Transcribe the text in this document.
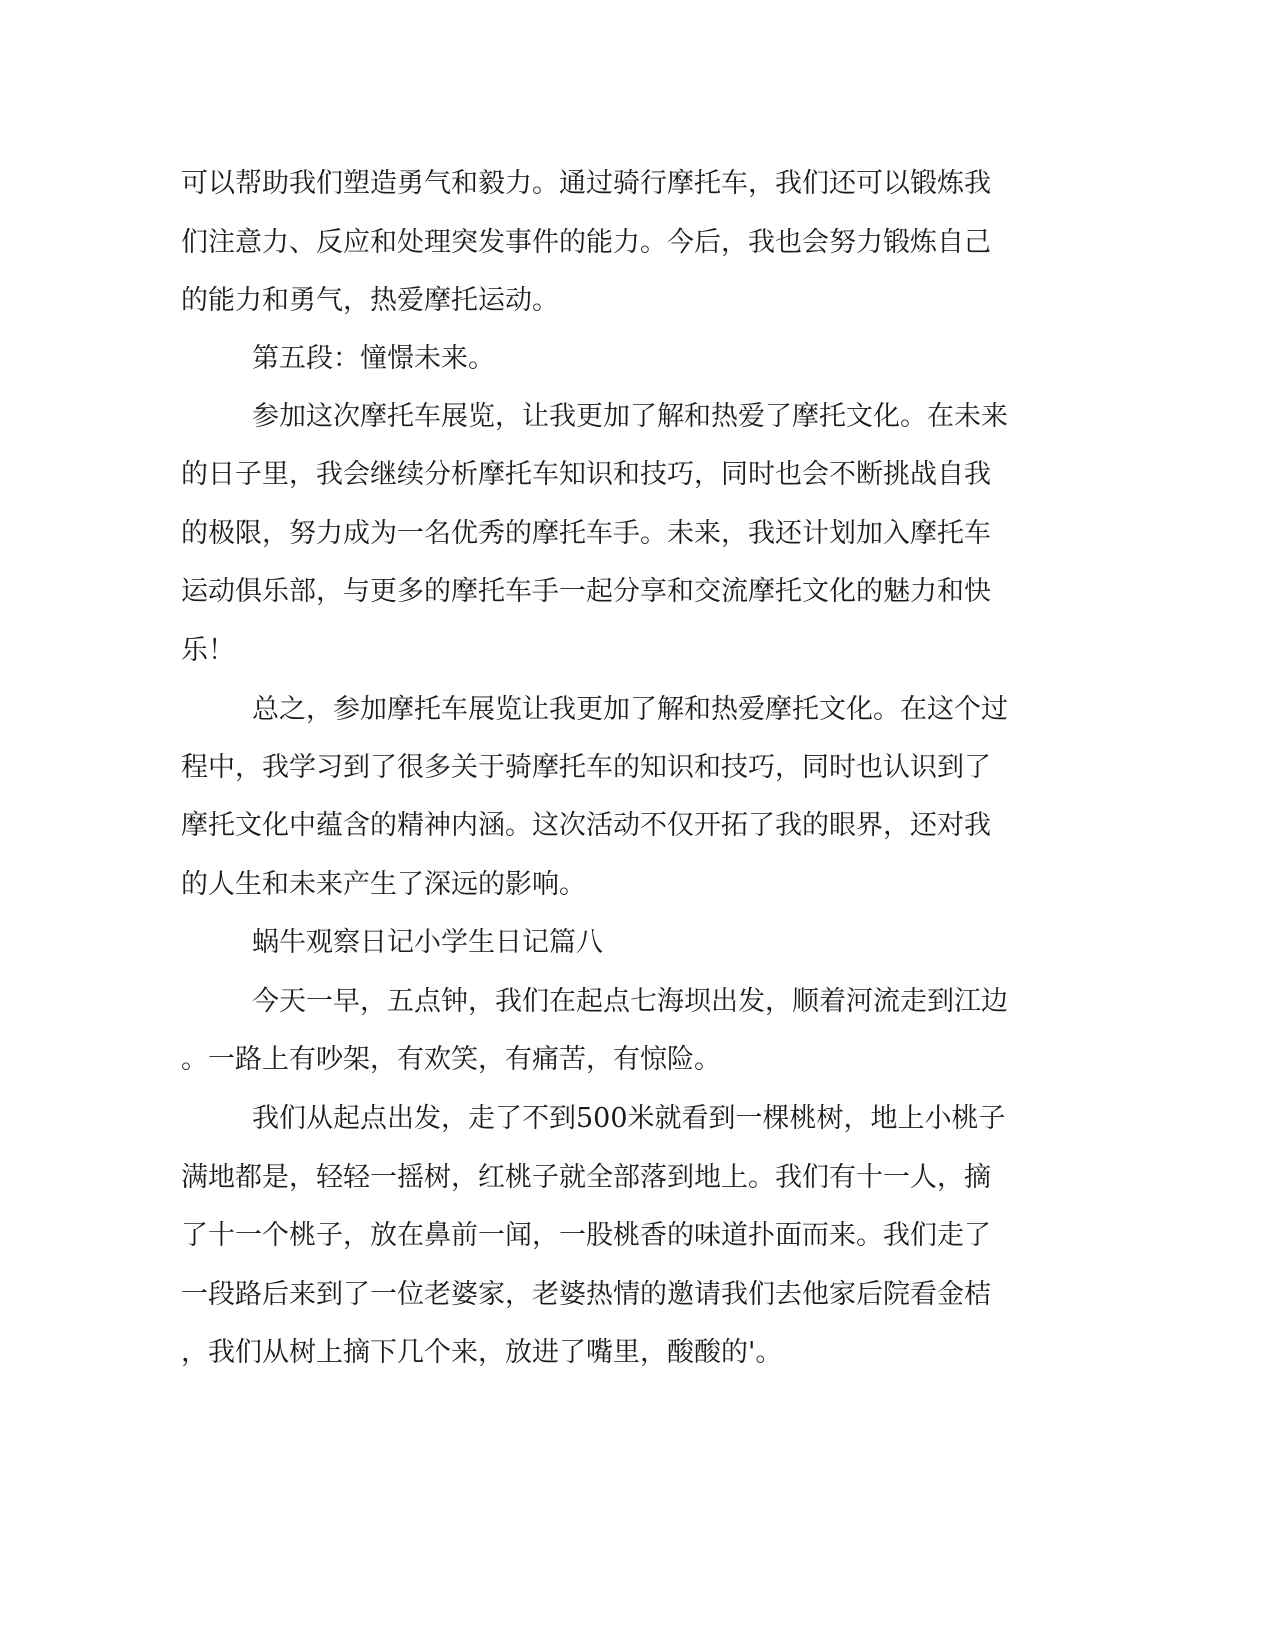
可以帮助我们塑造勇气和毅力。通过骑行摩托车，我们还可以锻炼我
们注意力、反应和处理突发事件的能力。今后，我也会努力锻炼自己
的能力和勇气，热爱摩托运动。
第五段：憧憬未来。
参加这次摩托车展览，让我更加了解和热爱了摩托文化。在未来
的日子里，我会继续分析摩托车知识和技巧，同时也会不断挑战自我
的极限，努力成为一名优秀的摩托车手。未来，我还计划加入摩托车
运动俱乐部，与更多的摩托车手一起分享和交流摩托文化的魅力和快
乐！
总之，参加摩托车展览让我更加了解和热爱摩托文化。在这个过
程中，我学习到了很多关于骑摩托车的知识和技巧，同时也认识到了
摩托文化中蕴含的精神内涵。这次活动不仅开拓了我的眼界，还对我
的人生和未来产生了深远的影响。
蜗牛观察日记小学生日记篇八
今天一早，五点钟，我们在起点七海坝出发，顺着河流走到江边
。一路上有吵架，有欢笑，有痛苦，有惊险。
我们从起点出发，走了不到500米就看到一棵桃树，地上小桃子
满地都是，轻轻一摇树，红桃子就全部落到地上。我们有十一人，摘
了十一个桃子，放在鼻前一闻，一股桃香的味道扑面而来。我们走了
一段路后来到了一位老婆家，老婆热情的邀请我们去他家后院看金桔
，我们从树上摘下几个来，放进了嘴里，酸酸的'。
